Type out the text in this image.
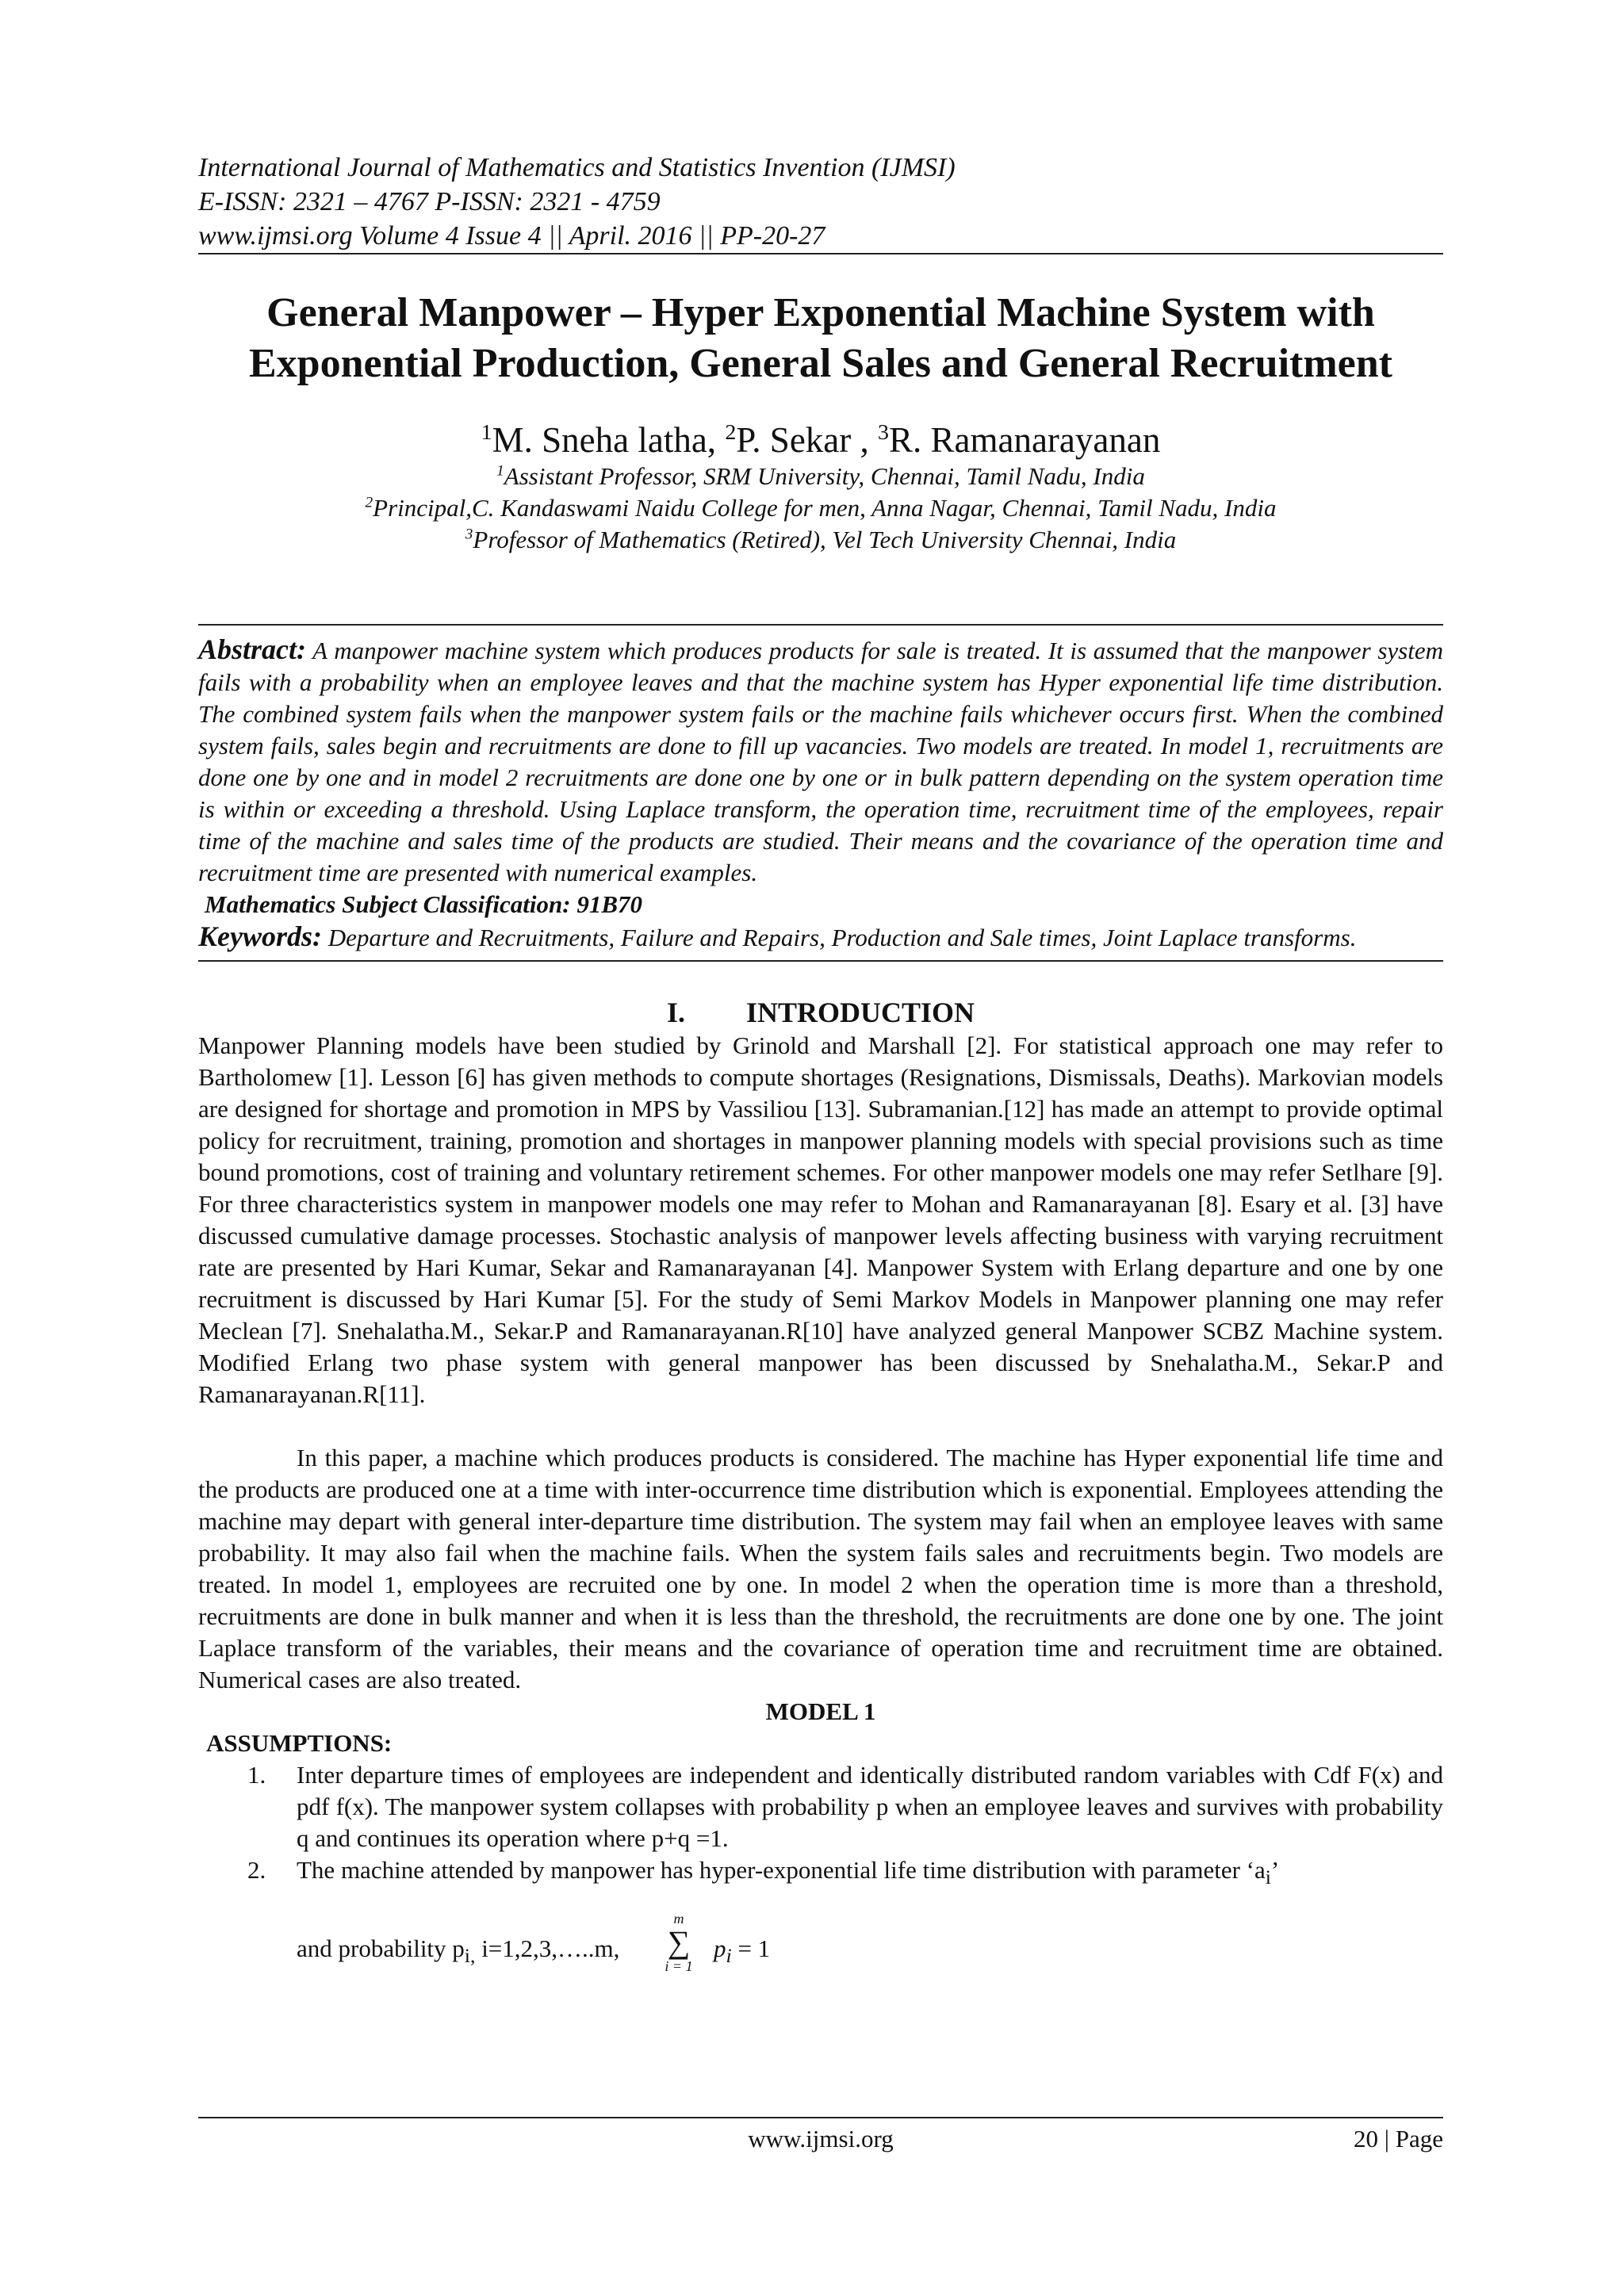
International Journal of Mathematics and Statistics Invention (IJMSI)
E-ISSN: 2321 – 4767 P-ISSN: 2321 - 4759
www.ijmsi.org Volume 4 Issue 4 || April. 2016 || PP-20-27
General Manpower – Hyper Exponential Machine System with
Exponential Production, General Sales and General Recruitment
$^1$M. Sneha latha, $^2$P. Sekar , $^3$R. Ramanarayanan
$^1$Assistant Professor, SRM University, Chennai, Tamil Nadu, India
$^2$Principal,C. Kandaswami Naidu College for men, Anna Nagar, Chennai, Tamil Nadu, India
$^3$Professor of Mathematics (Retired), Vel Tech University Chennai, India

Abstract: A manpower machine system which produces products for sale is treated. It is assumed that the manpower system fails with a probability when an employee leaves and that the machine system has Hyper exponential life time distribution. The combined system fails when the manpower system fails or the machine fails whichever occurs first. When the combined system fails, sales begin and recruitments are done to fill up vacancies. Two models are treated. In model 1, recruitments are done one by one and in model 2 recruitments are done one by one or in bulk pattern depending on the system operation time is within or exceeding a threshold. Using Laplace transform, the operation time, recruitment time of the employees, repair time of the machine and sales time of the products are studied. Their means and the covariance of the operation time and recruitment time are presented with numerical examples.

Mathematics Subject Classification: 91B70
Keywords: Departure and Recruitments, Failure and Repairs, Production and Sale times, Joint Laplace transforms.
I. INTRODUCTION

Manpower Planning models have been studied by Grinold and Marshall [2]. For statistical approach one may refer to Bartholomew [1]. Lesson [6] has given methods to compute shortages (Resignations, Dismissals, Deaths). Markovian models are designed for shortage and promotion in MPS by Vassiliou [13]. Subramanian.[12] has made an attempt to provide optimal policy for recruitment, training, promotion and shortages in manpower planning models with special provisions such as time bound promotions, cost of training and voluntary retirement schemes. For other manpower models one may refer Setlhare [9]. For three characteristics system in manpower models one may refer to Mohan and Ramanarayanan [8]. Esary et al. [3] have discussed cumulative damage processes. Stochastic analysis of manpower levels affecting business with varying recruitment rate are presented by Hari Kumar, Sekar and Ramanarayanan [4]. Manpower System with Erlang departure and one by one recruitment is discussed by Hari Kumar [5]. For the study of Semi Markov Models in Manpower planning one may refer Meclean [7]. Snehalatha.M., Sekar.P and Ramanarayanan.R[10] have analyzed general Manpower SCBZ Machine system. Modified Erlang two phase system with general manpower has been discussed by Snehalatha.M., Sekar.P and Ramanarayanan.R[11].

In this paper, a machine which produces products is considered. The machine has Hyper exponential life time and the products are produced one at a time with inter-occurrence time distribution which is exponential. Employees attending the machine may depart with general inter-departure time distribution. The system may fail when an employee leaves with same probability. It may also fail when the machine fails. When the system fails sales and recruitments begin. Two models are treated. In model 1, employees are recruited one by one. In model 2 when the operation time is more than a threshold, recruitments are done in bulk manner and when it is less than the threshold, the recruitments are done one by one. The joint Laplace transform of the variables, their means and the covariance of operation time and recruitment time are obtained. Numerical cases are also treated.

MODEL 1
ASSUMPTIONS:
1. Inter departure times of employees are independent and identically distributed random variables with Cdf F(x) and pdf f(x). The manpower system collapses with probability p when an employee leaves and survives with probability q and continues its operation where p+q =1.
2. The machine attended by manpower has hyper-exponential life time distribution with parameter ‘$a_i$’
and probability $p_{i,}$ i=1,2,3,…..m,
m
∑
i = 1
$p_i = 1$
www.ijmsi.org	20 | Page
